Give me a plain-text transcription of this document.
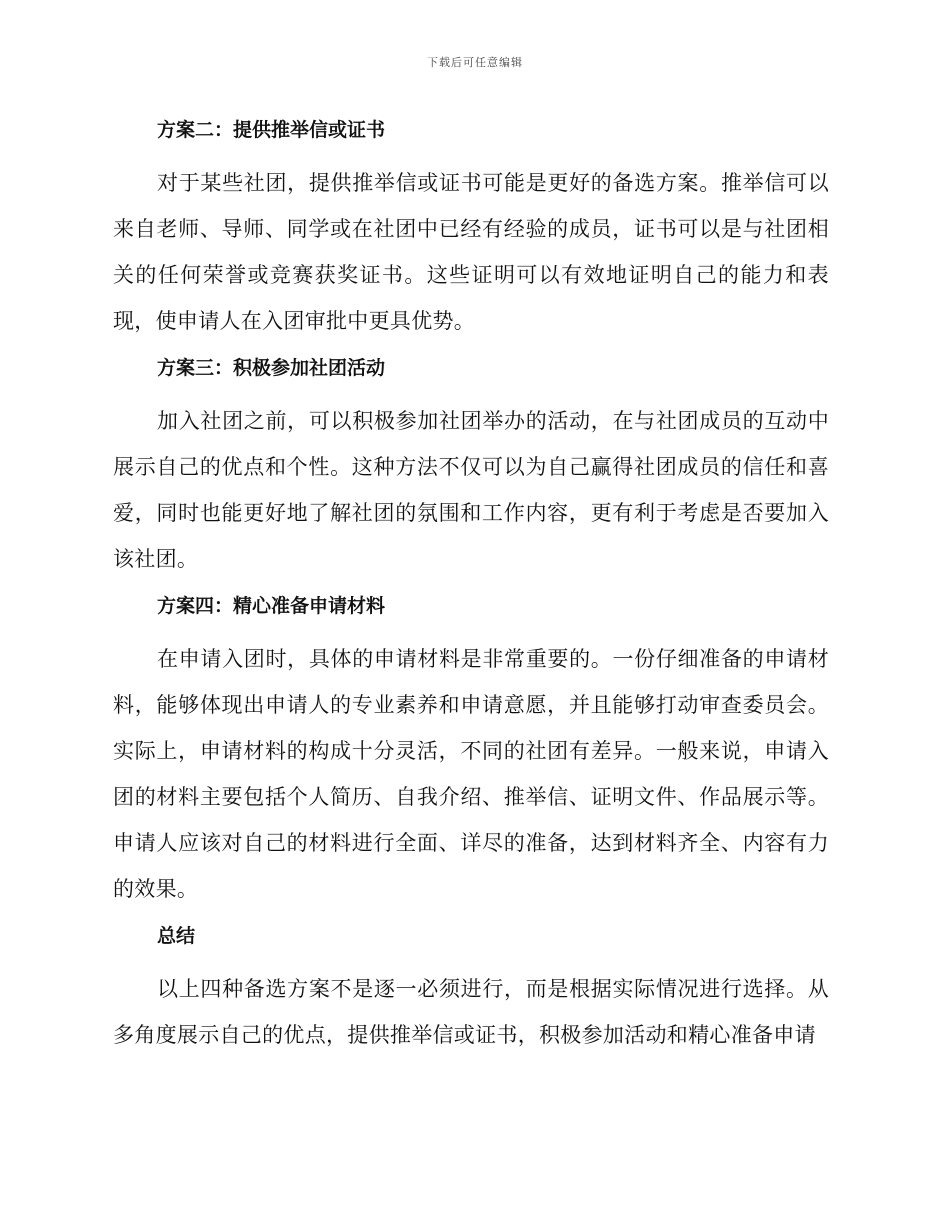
下载后可任意编辑
方案二：提供推举信或证书

对于某些社团，提供推举信或证书可能是更好的备选方案。推举信可以来自老师、导师、同学或在社团中已经有经验的成员，证书可以是与社团相关的任何荣誉或竞赛获奖证书。这些证明可以有效地证明自己的能力和表现，使申请人在入团审批中更具优势。

方案三：积极参加社团活动

加入社团之前，可以积极参加社团举办的活动，在与社团成员的互动中展示自己的优点和个性。这种方法不仅可以为自己赢得社团成员的信任和喜爱，同时也能更好地了解社团的氛围和工作内容，更有利于考虑是否要加入该社团。

方案四：精心准备申请材料

在申请入团时，具体的申请材料是非常重要的。一份仔细准备的申请材料，能够体现出申请人的专业素养和申请意愿，并且能够打动审查委员会。实际上，申请材料的构成十分灵活，不同的社团有差异。一般来说，申请入团的材料主要包括个人简历、自我介绍、推举信、证明文件、作品展示等。申请人应该对自己的材料进行全面、详尽的准备，达到材料齐全、内容有力的效果。

总结

以上四种备选方案不是逐一必须进行，而是根据实际情况进行选择。从多角度展示自己的优点，提供推举信或证书，积极参加活动和精心准备申请
